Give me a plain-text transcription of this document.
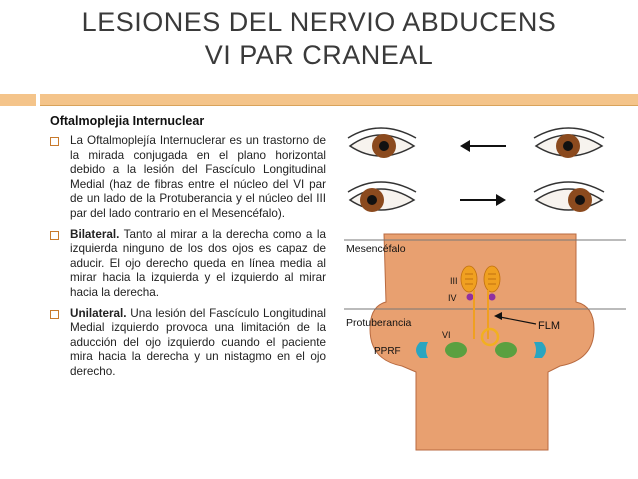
LESIONES DEL NERVIO ABDUCENS
VI PAR CRANEAL
Oftalmoplejia Internuclear
La Oftalmoplejía Internuclerar es un trastorno de la mirada conjugada en el plano horizontal debido a la lesión del Fascículo Longitudinal Medial (haz de fibras entre el núcleo del VI par de un lado de la Protuberancia y el núcleo del III par del lado contrario en el Mesencéfalo).
Bilateral. Tanto al mirar a la derecha como a la izquierda ninguno de los dos ojos es capaz de aducir. El ojo derecho queda en línea media al mirar hacia la izquierda y el izquierdo al mirar hacia la derecha.
Unilateral. Una lesión del Fascículo Longitudinal Medial izquierdo provoca una limitación de la aducción del ojo izquierdo cuando el paciente mira hacia la derecha y un nistagmo en el ojo derecho.
Mesencéfalo
Protuberancia
III
IV
FLM
VI
PPRF
